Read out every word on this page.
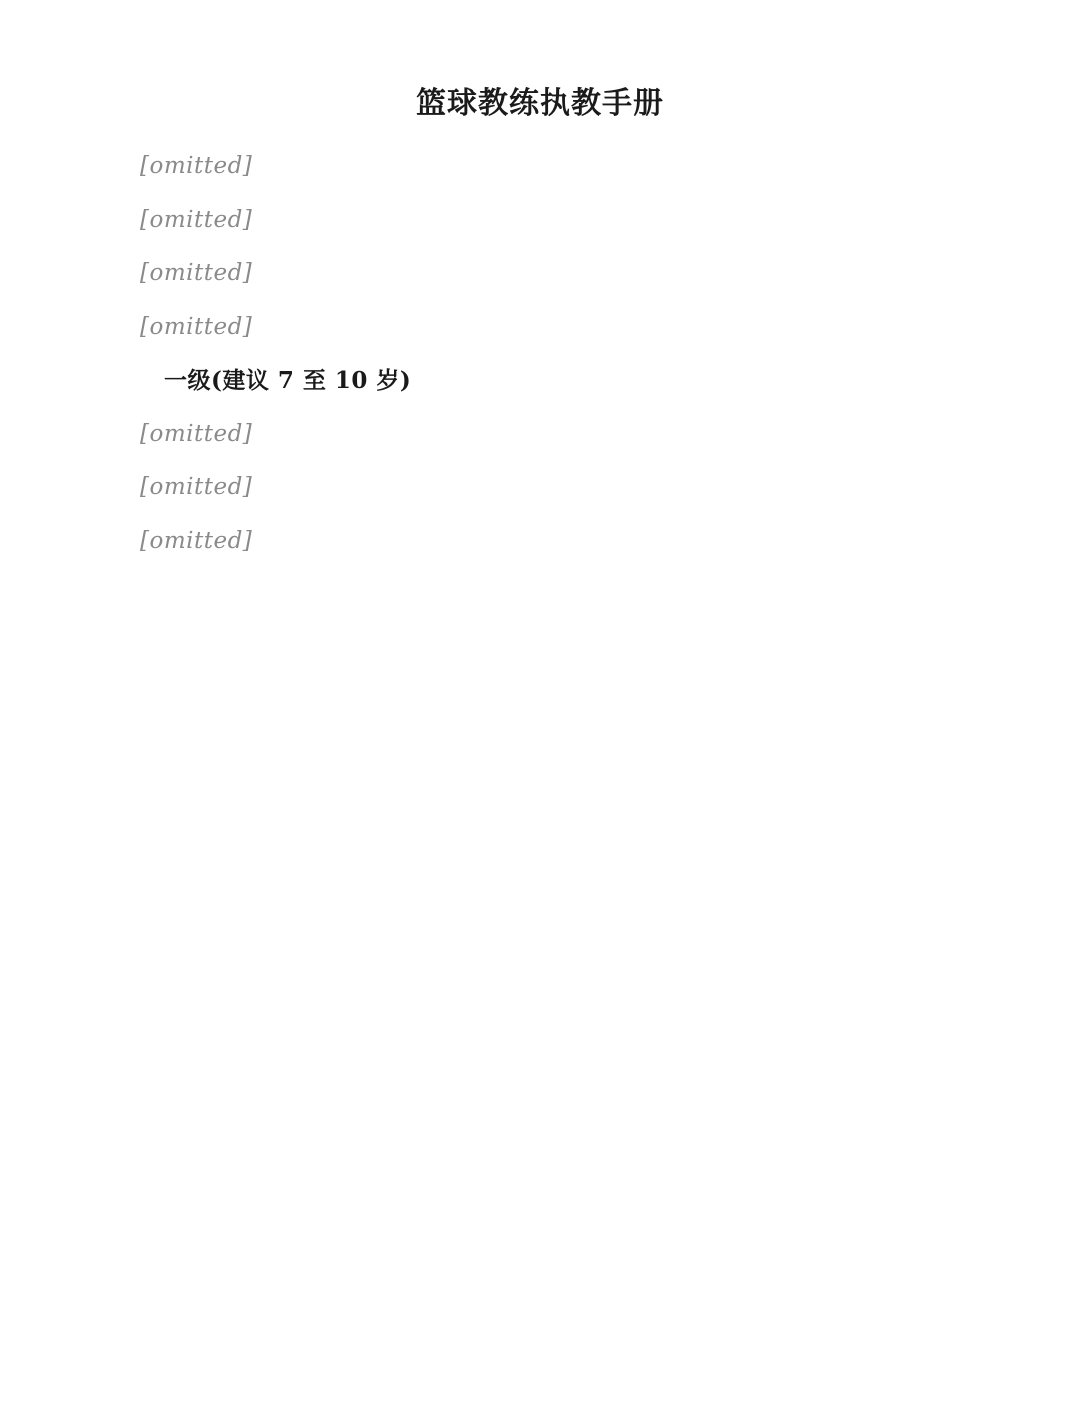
篮球教练执教手册

[omitted]

[omitted]

[omitted]

[omitted]

一级(建议 7 至 10 岁)

[omitted]

[omitted]

[omitted]
